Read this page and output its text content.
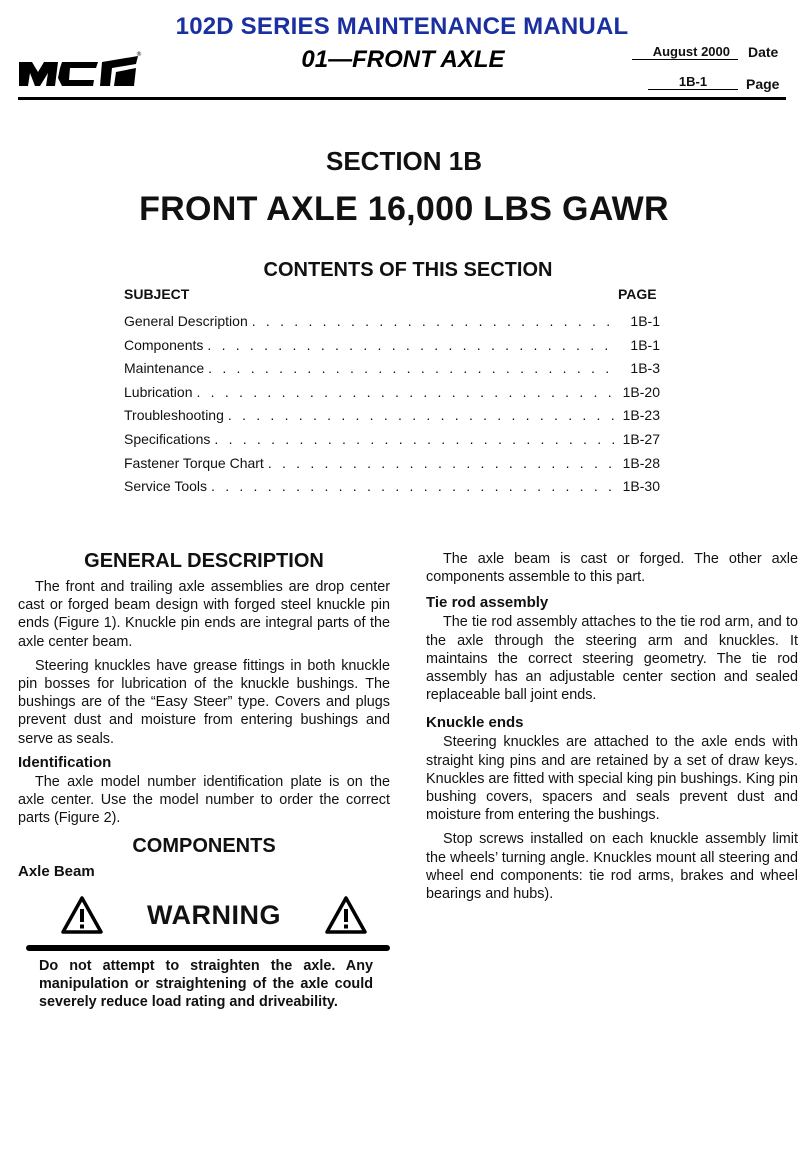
102D SERIES MAINTENANCE MANUAL
01—FRONT AXLE
®	August 2000	Date
1B-1	Page
SECTION 1B
FRONT AXLE 16,000 LBS GAWR
CONTENTS OF THIS SECTION
SUBJECT	PAGE
General Description . . .	1B-1
Components . . .	1B-1
Maintenance . . .	1B-3
Lubrication . . .	1B-20
Troubleshooting . . .	1B-23
Specifications . . .	1B-27
Fastener Torque Chart . . .	1B-28
Service Tools . . .	1B-30
GENERAL DESCRIPTION

The front and trailing axle assemblies are drop center cast or forged beam design with forged steel knuckle pin ends (Figure 1). Knuckle pin ends are integral parts of the axle center beam.

Steering knuckles have grease fittings in both knuckle pin bosses for lubrication of the knuckle bushings. The bushings are of the “Easy Steer” type. Covers and plugs prevent dust and moisture from entering bushings and serve as seals.

Identification

The axle model number identification plate is on the axle center. Use the model number to order the correct parts (Figure 2).

COMPONENTS
Axle Beam
WARNING
Do not attempt to straighten the axle. Any manipulation or straightening of the axle could severely reduce load rating and driveability.

The axle beam is cast or forged. The other axle components assemble to this part.

Tie rod assembly

The tie rod assembly attaches to the tie rod arm, and to the axle through the steering arm and knuckles. It maintains the correct steering geometry. The tie rod assembly has an adjustable center section and sealed replaceable ball joint ends.

Knuckle ends

Steering knuckles are attached to the axle ends with straight king pins and are retained by a set of draw keys. Knuckles are fitted with special king pin bushings. King pin bushing covers, spacers and seals prevent dust and moisture from entering the bushings.

Stop screws installed on each knuckle assembly limit the wheels’ turning angle. Knuckles mount all steering and wheel end components: tie rod arms, brakes and wheel bearings and hubs).
